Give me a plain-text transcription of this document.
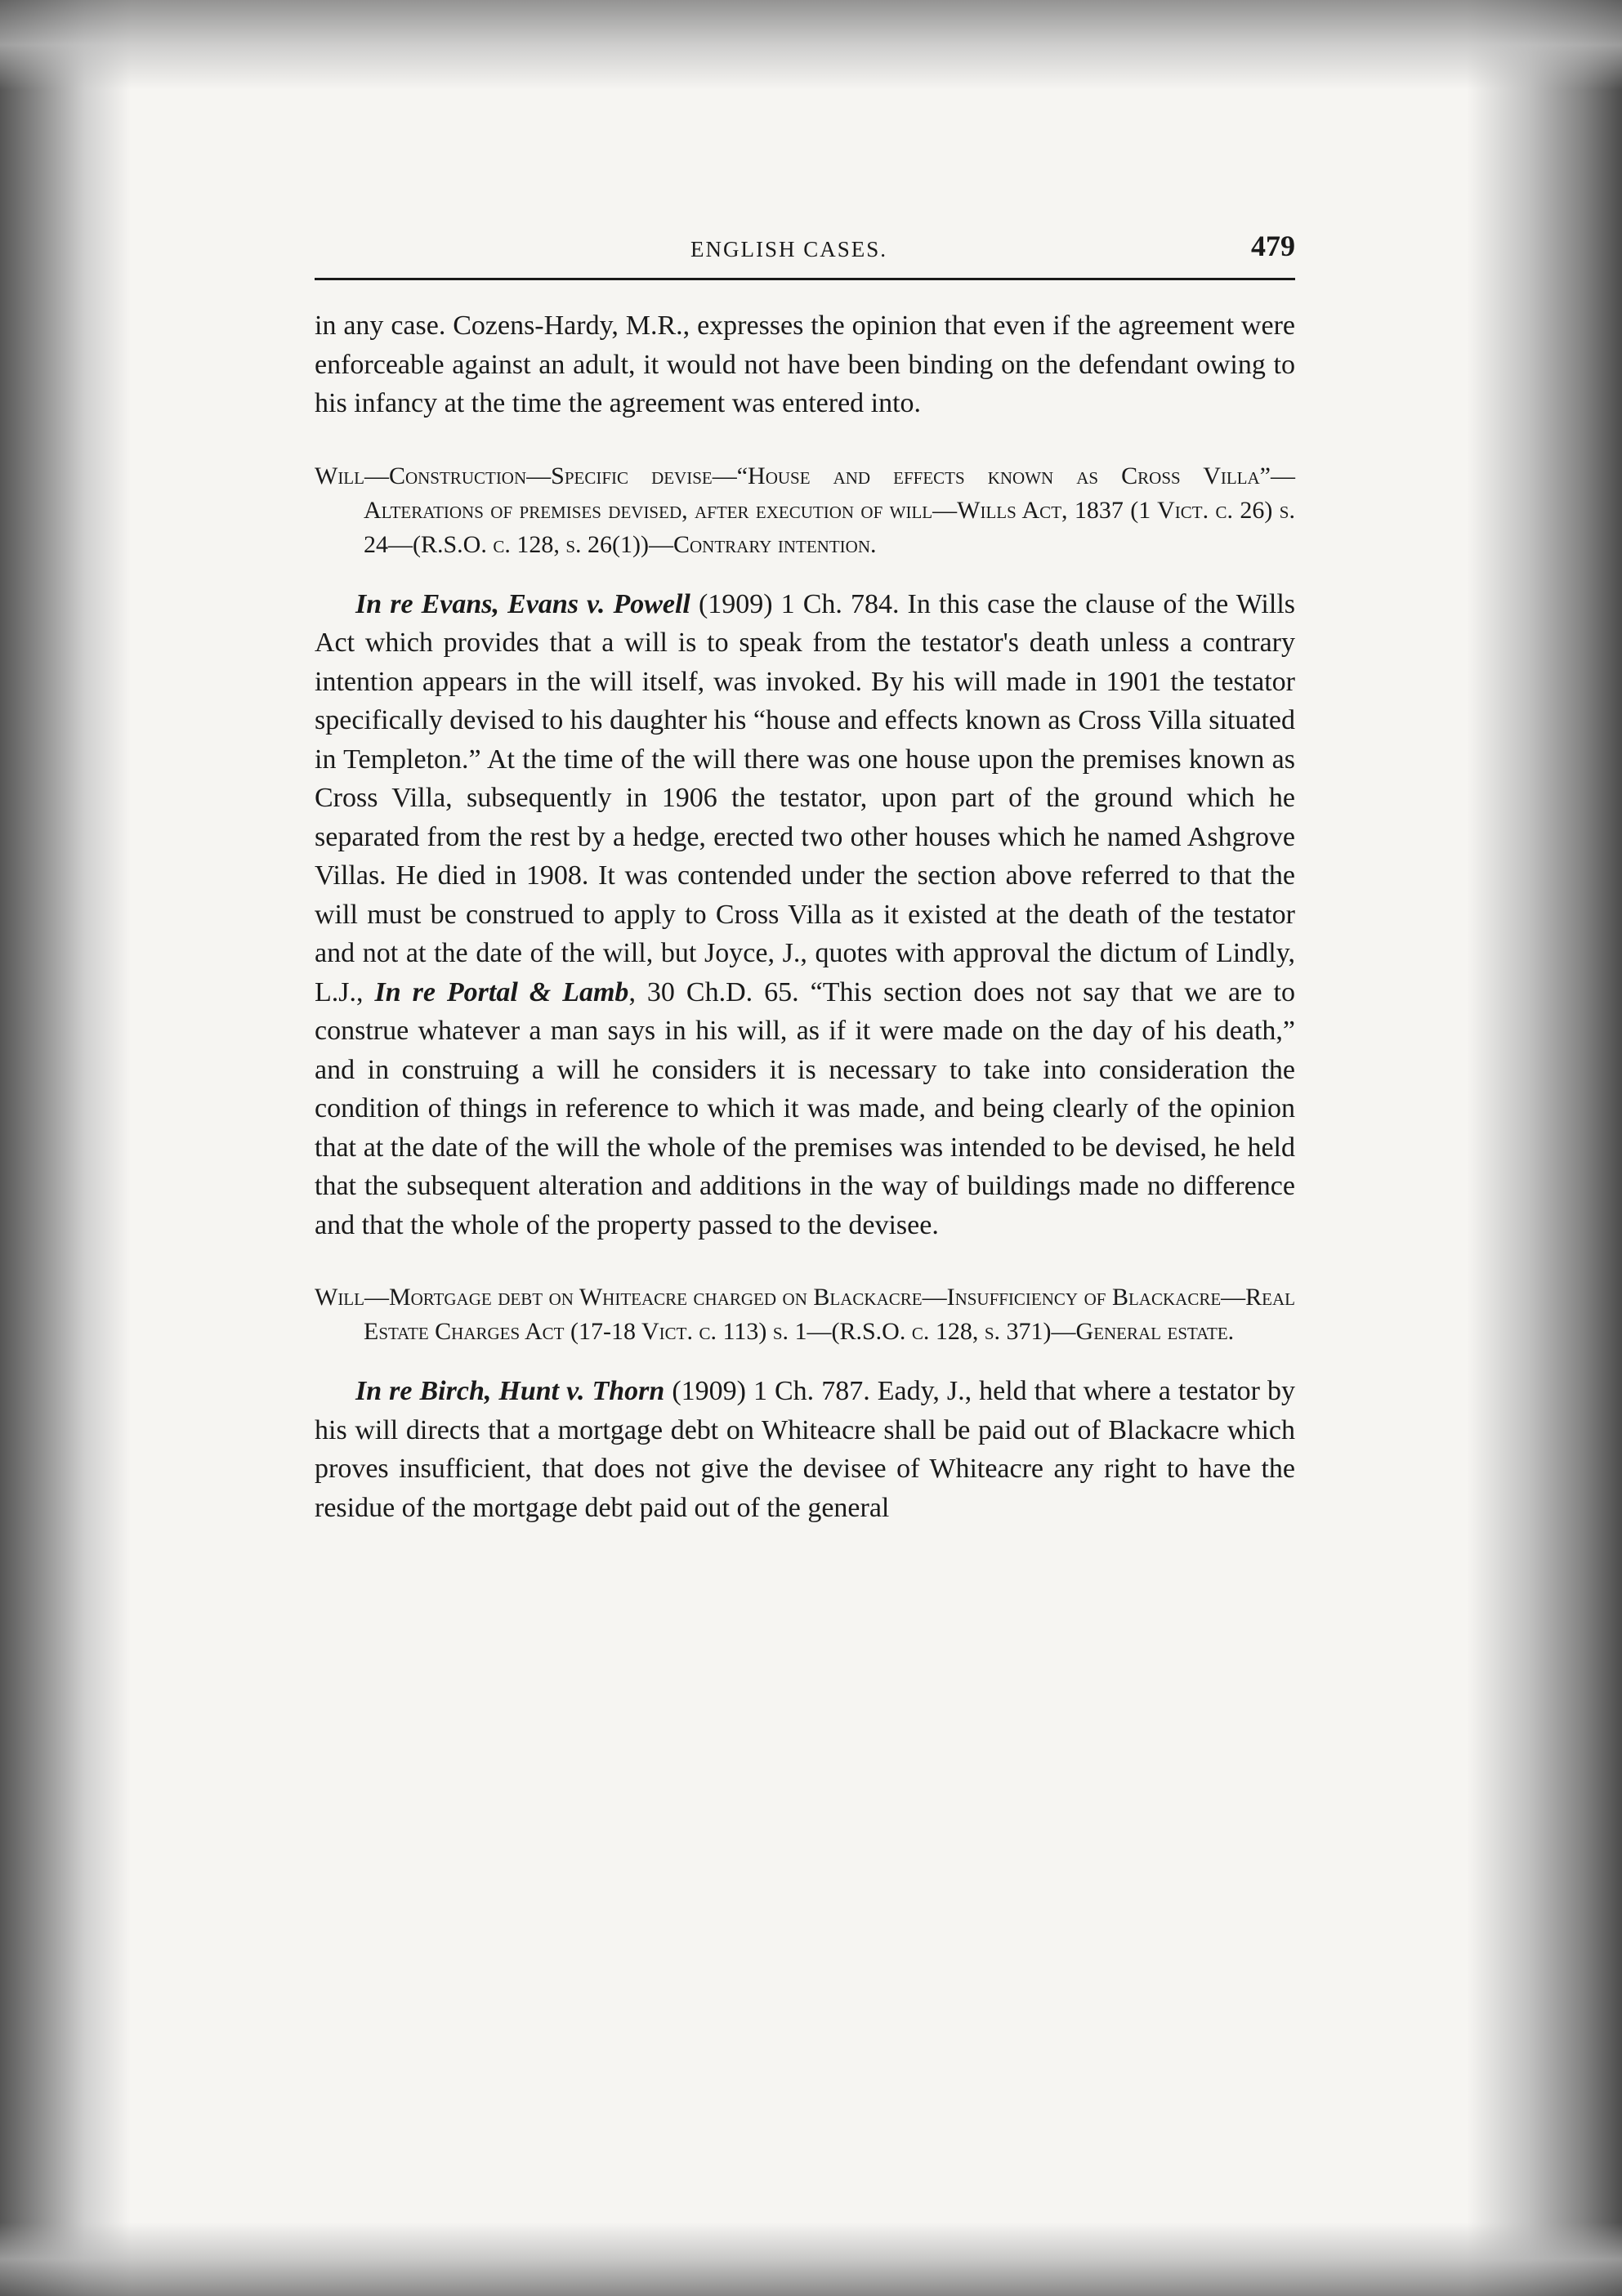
ENGLISH CASES.	479

in any case. Cozens-Hardy, M.R., expresses the opinion that even if the agreement were enforceable against an adult, it would not have been binding on the defendant owing to his infancy at the time the agreement was entered into.

Will—Construction—Specific devise—“House and effects known as Cross Villa”—Alterations of premises devised, after execution of will—Wills Act, 1837 (1 Vict. c. 26) s. 24—(R.S.O. c. 128, s. 26(1))—Contrary intention.

In re Evans, Evans v. Powell (1909) 1 Ch. 784. In this case the clause of the Wills Act which provides that a will is to speak from the testator's death unless a contrary intention appears in the will itself, was invoked. By his will made in 1901 the testator specifically devised to his daughter his “house and effects known as Cross Villa situated in Templeton.” At the time of the will there was one house upon the premises known as Cross Villa, subsequently in 1906 the testator, upon part of the ground which he separated from the rest by a hedge, erected two other houses which he named Ashgrove Villas. He died in 1908. It was contended under the section above referred to that the will must be construed to apply to Cross Villa as it existed at the death of the testator and not at the date of the will, but Joyce, J., quotes with approval the dictum of Lindly, L.J., In re Portal & Lamb, 30 Ch.D. 65. “This section does not say that we are to construe whatever a man says in his will, as if it were made on the day of his death,” and in construing a will he considers it is necessary to take into consideration the condition of things in reference to which it was made, and being clearly of the opinion that at the date of the will the whole of the premises was intended to be devised, he held that the subsequent alteration and additions in the way of buildings made no difference and that the whole of the property passed to the devisee.

Will—Mortgage debt on Whiteacre charged on Blackacre—Insufficiency of Blackacre—Real Estate Charges Act (17-18 Vict. c. 113) s. 1—(R.S.O. c. 128, s. 371)—General estate.

In re Birch, Hunt v. Thorn (1909) 1 Ch. 787. Eady, J., held that where a testator by his will directs that a mortgage debt on Whiteacre shall be paid out of Blackacre which proves insufficient, that does not give the devisee of Whiteacre any right to have the residue of the mortgage debt paid out of the general
